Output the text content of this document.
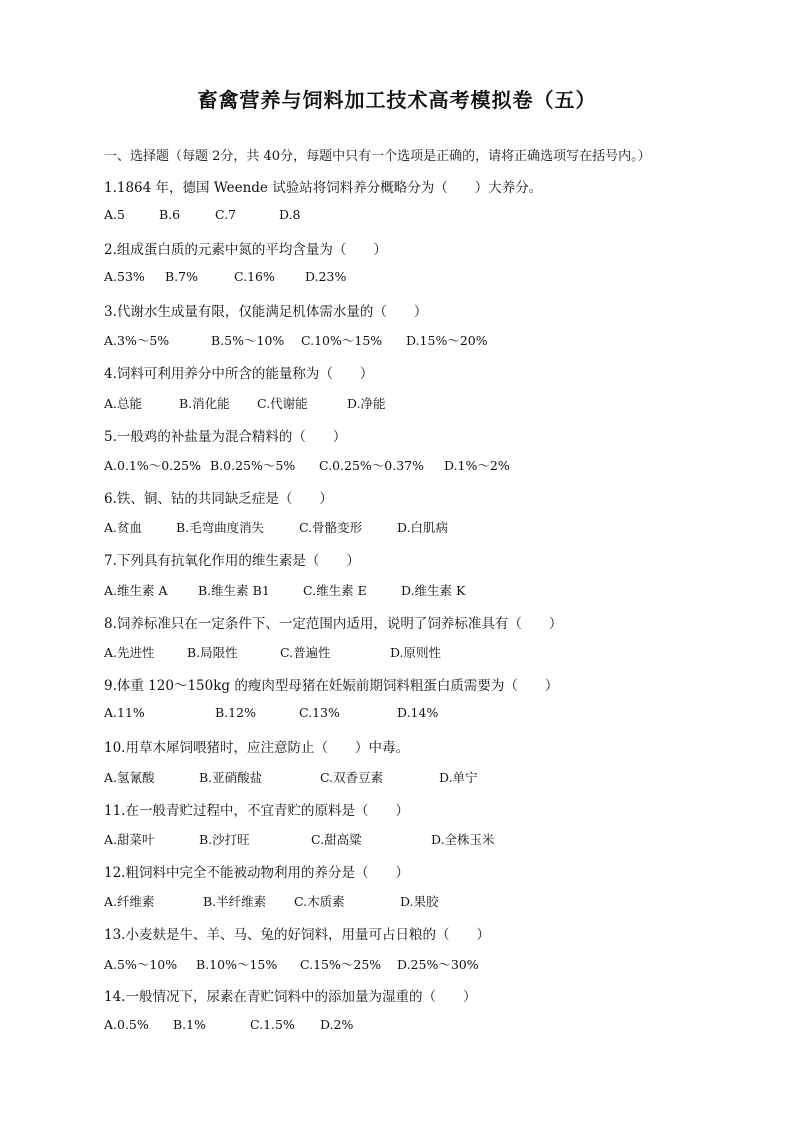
畜禽营养与饲料加工技术高考模拟卷（五）
一、选择题（每题 2分，共 40分，每题中只有一个选项是正确的，请将正确选项写在括号内。）
1.1864 年，德国 Weende 试验站将饲料养分概略分为（　　）大养分。
A.5	B.6	C.7	D.8
2.组成蛋白质的元素中氮的平均含量为（　　）
A.53% B.7%	C.16% D.23%
3.代谢水生成量有限，仅能满足机体需水量的（　　）
A.3%～5%	B.5%～10% C.10%～15% D.15%～20%
4.饲料可利用养分中所含的能量称为（　　）
A.总能	B.消化能 C.代谢能	D.净能
5.一般鸡的补盐量为混合精料的（　　）
A.0.1%～0.25% B.0.25%～5% C.0.25%～0.37% D.1%～2%
6.铁、铜、钴的共同缺乏症是（　　）
A.贫血	B.毛弯曲度消失	C.骨骼变形	D.白肌病
7.下列具有抗氧化作用的维生素是（　　）
A.维生素 A B.维生素 B1	C.维生素 E	D.维生素 K
8.饲养标准只在一定条件下、一定范围内适用，说明了饲养标准具有（　　）
A.先进性	B.局限性	C.普遍性	D.原则性
9.体重 120～150kg 的瘦肉型母猪在妊娠前期饲料粗蛋白质需要为（　　）
A.11%	B.12%	C.13%	D.14%
10.用草木犀饲喂猪时，应注意防止（　　）中毒。
A.氢氰酸	B.亚硝酸盐	C.双香豆素	D.单宁
11.在一般青贮过程中，不宜青贮的原料是（　　）
A.甜菜叶	B.沙打旺	C.甜高粱	D.全株玉米
12.粗饲料中完全不能被动物利用的养分是（　　）
A.纤维素	B.半纤维素 C.木质素	D.果胶
13.小麦麸是牛、羊、马、兔的好饲料，用量可占日粮的（　　）
A.5%～10% B.10%～15% C.15%～25% D.25%～30%
14.一般情况下，尿素在青贮饲料中的添加量为湿重的（　　）
A.0.5% B.1%	C.1.5% D.2%
